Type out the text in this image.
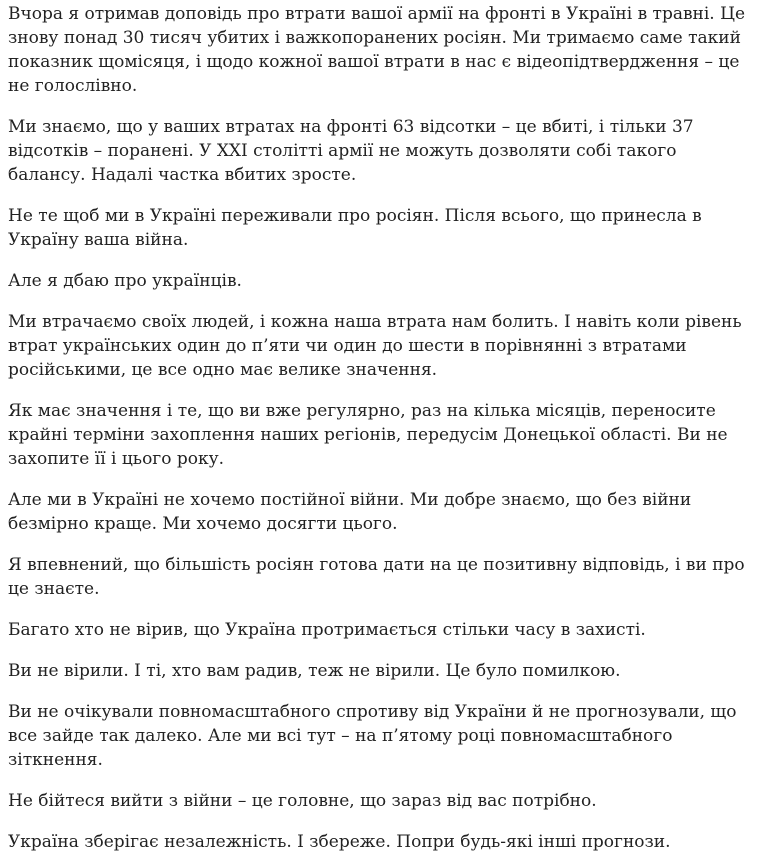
Вчора я отримав доповідь про втрати вашої армії на фронті в Україні в травні. Це знову понад 30 тисяч убитих і важкопоранених росіян. Ми тримаємо саме такий показник щомісяця, і щодо кожної вашої втрати в нас є відеопідтвердження – це не голослівно.

Ми знаємо, що у ваших втратах на фронті 63 відсотки – це вбиті, і тільки 37 відсотків – поранені. У XXI столітті армії не можуть дозволяти собі такого балансу. Надалі частка вбитих зросте.

Не те щоб ми в Україні переживали про росіян. Після всього, що принесла в Україну ваша війна.

Але я дбаю про українців.

Ми втрачаємо своїх людей, і кожна наша втрата нам болить. І навіть коли рівень втрат українських один до п’яти чи один до шести в порівнянні з втратами російськими, це все одно має велике значення.

Як має значення і те, що ви вже регулярно, раз на кілька місяців, переносите крайні терміни захоплення наших регіонів, передусім Донецької області. Ви не захопите її і цього року.

Але ми в Україні не хочемо постійної війни. Ми добре знаємо, що без війни безмірно краще. Ми хочемо досягти цього.

Я впевнений, що більшість росіян готова дати на це позитивну відповідь, і ви про це знаєте.

Багато хто не вірив, що Україна протримається стільки часу в захисті.

Ви не вірили. І ті, хто вам радив, теж не вірили. Це було помилкою.

Ви не очікували повномасштабного спротиву від України й не прогнозували, що все зайде так далеко. Але ми всі тут – на п’ятому році повномасштабного зіткнення.

Не бійтеся вийти з війни – це головне, що зараз від вас потрібно.

Україна зберігає незалежність. І збереже. Попри будь-які інші прогнози.
